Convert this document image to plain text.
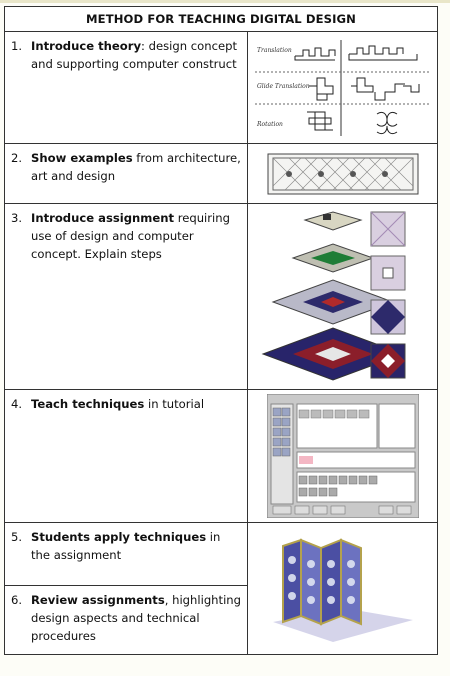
METHOD FOR TEACHING DIGITAL DESIGN	

1. Introduce theory: design concept and supporting computer construct	Translation
Glide Translation
Rotation

2. Show examples from architecture, art and design

3. Introduce assignment requiring use of design and computer concept. Explain steps

4. Teach techniques in tutorial

5. Students apply techniques in the assignment

6. Review assignments, highlighting design aspects and technical procedures	
